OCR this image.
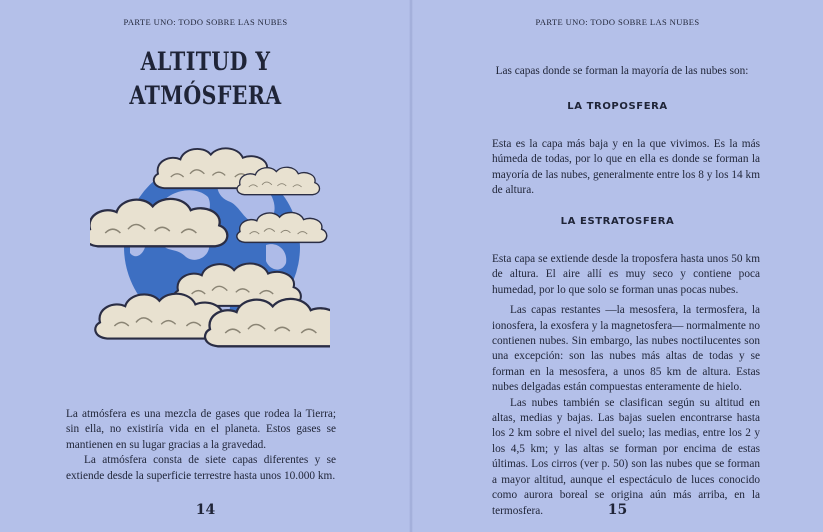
PARTE UNO: TODO SOBRE LAS NUBES
ALTITUD Y
ATMÓSFERA

La atmósfera es una mezcla de gases que rodea la Tierra; sin ella, no existiría vida en el planeta. Estos gases se mantienen en su lugar gracias a la gravedad.

La atmósfera consta de siete capas diferentes y se extiende desde la superficie terrestre hasta unos 10.000 km.

14
PARTE UNO: TODO SOBRE LAS NUBES
Las capas donde se forman la mayoría de las nubes son:
LA TROPOSFERA

Esta es la capa más baja y en la que vivimos. Es la más húmeda de todas, por lo que en ella es donde se forman la mayoría de las nubes, generalmente entre los 8 y los 14 km de altura.

LA ESTRATOSFERA

Esta capa se extiende desde la troposfera hasta unos 50 km de altura. El aire allí es muy seco y contiene poca humedad, por lo que solo se forman unas pocas nubes.

Las capas restantes —la mesosfera, la termosfera, la ionosfera, la exosfera y la magnetosfera— normalmente no contienen nubes. Sin embargo, las nubes noctilucentes son una excepción: son las nubes más altas de todas y se forman en la mesosfera, a unos 85 km de altura. Estas nubes delgadas están compuestas enteramente de hielo.

Las nubes también se clasifican según su altitud en altas, medias y bajas. Las bajas suelen encontrarse hasta los 2 km sobre el nivel del suelo; las medias, entre los 2 y los 4,5 km; y las altas se forman por encima de estas últimas. Los cirros (ver p. 50) son las nubes que se forman a mayor altitud, aunque el espectáculo de luces conocido como aurora boreal se origina aún más arriba, en la termosfera.	15
